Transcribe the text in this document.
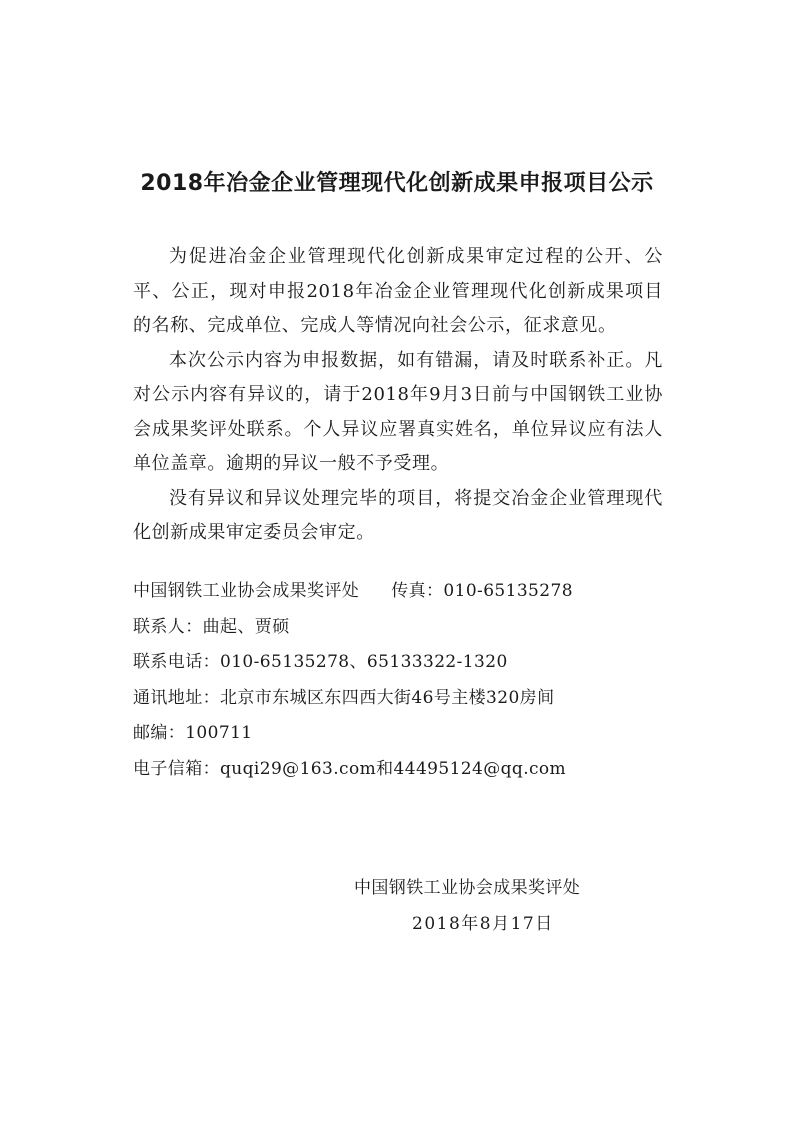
2018年冶金企业管理现代化创新成果申报项目公示

为促进冶金企业管理现代化创新成果审定过程的公开、公平、公正，现对申报2018年冶金企业管理现代化创新成果项目的名称、完成单位、完成人等情况向社会公示，征求意见。

本次公示内容为申报数据，如有错漏，请及时联系补正。凡对公示内容有异议的，请于2018年9月3日前与中国钢铁工业协会成果奖评处联系。个人异议应署真实姓名，单位异议应有法人单位盖章。逾期的异议一般不予受理。

没有异议和异议处理完毕的项目，将提交冶金企业管理现代化创新成果审定委员会审定。

中国钢铁工业协会成果奖评处 传真：010-65135278
联系人：曲起、贾硕
联系电话：010-65135278、65133322-1320
通讯地址：北京市东城区东四西大街46号主楼320房间
邮编：100711
电子信箱：quqi29@163.com和44495124@qq.com
中国钢铁工业协会成果奖评处
2018年8月17日
